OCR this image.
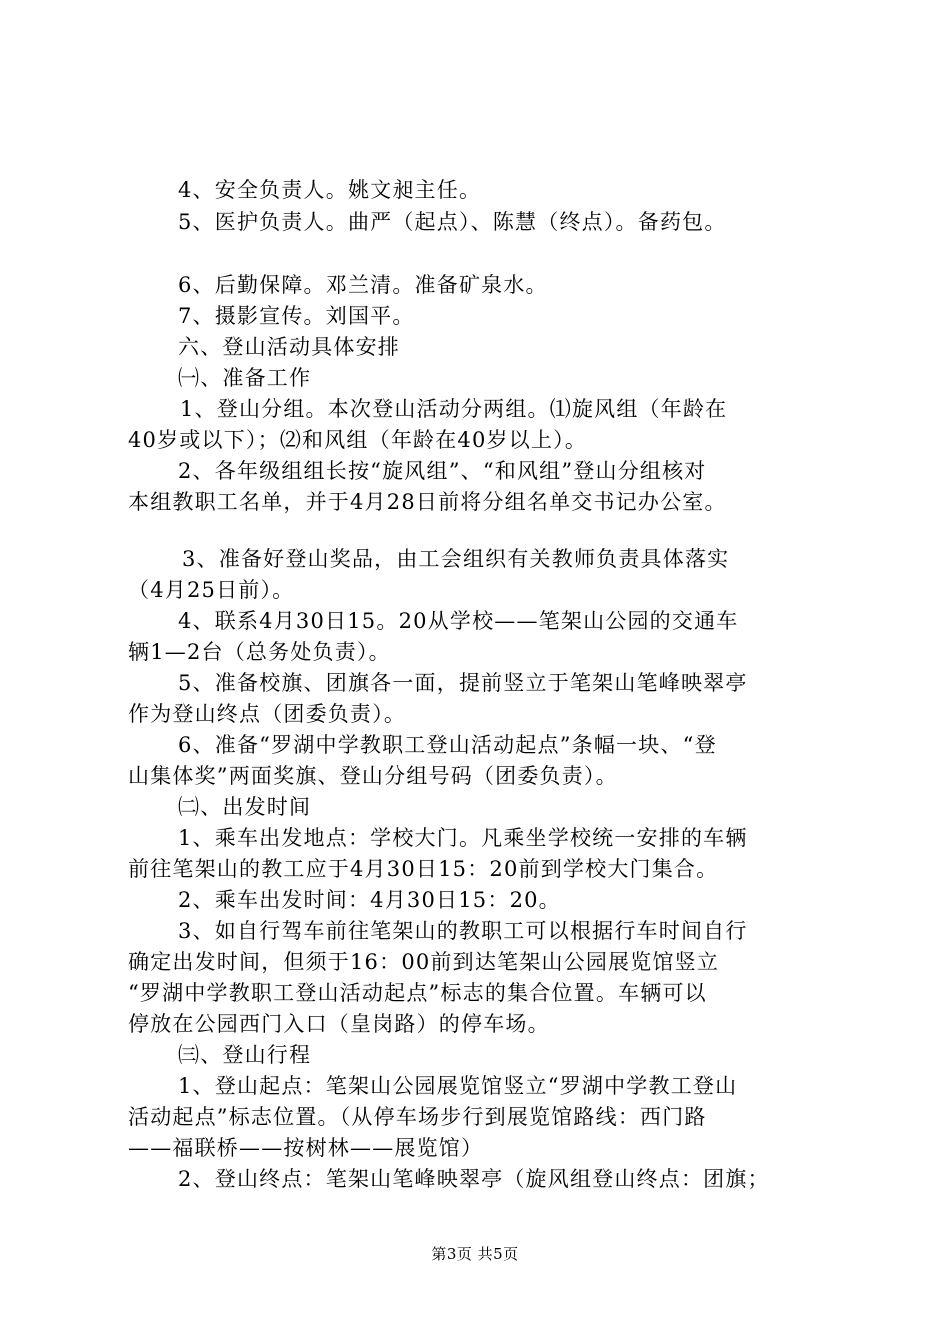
4、安全负责人。姚文昶主任。
5、医护负责人。曲严（起点）、陈慧（终点）。备药包。
6、后勤保障。邓兰清。准备矿泉水。
7、摄影宣传。刘国平。
六、登山活动具体安排
㈠、准备工作
1、登山分组。本次登山活动分两组。⑴旋风组（年龄在
40岁或以下）；⑵和风组（年龄在40岁以上）。
2、各年级组组长按“旋风组”、“和风组”登山分组核对
本组教职工名单，并于4月28日前将分组名单交书记办公室。
3、准备好登山奖品，由工会组织有关教师负责具体落实
（4月25日前）。
4、联系4月30日15。20从学校——笔架山公园的交通车
辆1—2台（总务处负责）。
5、准备校旗、团旗各一面，提前竖立于笔架山笔峰映翠亭
作为登山终点（团委负责）。
6、准备“罗湖中学教职工登山活动起点”条幅一块、“登
山集体奖”两面奖旗、登山分组号码（团委负责）。
㈡、出发时间
1、乘车出发地点：学校大门。凡乘坐学校统一安排的车辆
前往笔架山的教工应于4月30日15：20前到学校大门集合。
2、乘车出发时间：4月30日15：20。
3、如自行驾车前往笔架山的教职工可以根据行车时间自行
确定出发时间，但须于16：00前到达笔架山公园展览馆竖立
“罗湖中学教职工登山活动起点”标志的集合位置。车辆可以
停放在公园西门入口（皇岗路）的停车场。
㈢、登山行程
1、登山起点：笔架山公园展览馆竖立“罗湖中学教工登山
活动起点”标志位置。（从停车场步行到展览馆路线：西门路
——福联桥——按树林——展览馆）
2、登山终点：笔架山笔峰映翠亭（旋风组登山终点：团旗；
第3页 共5页
